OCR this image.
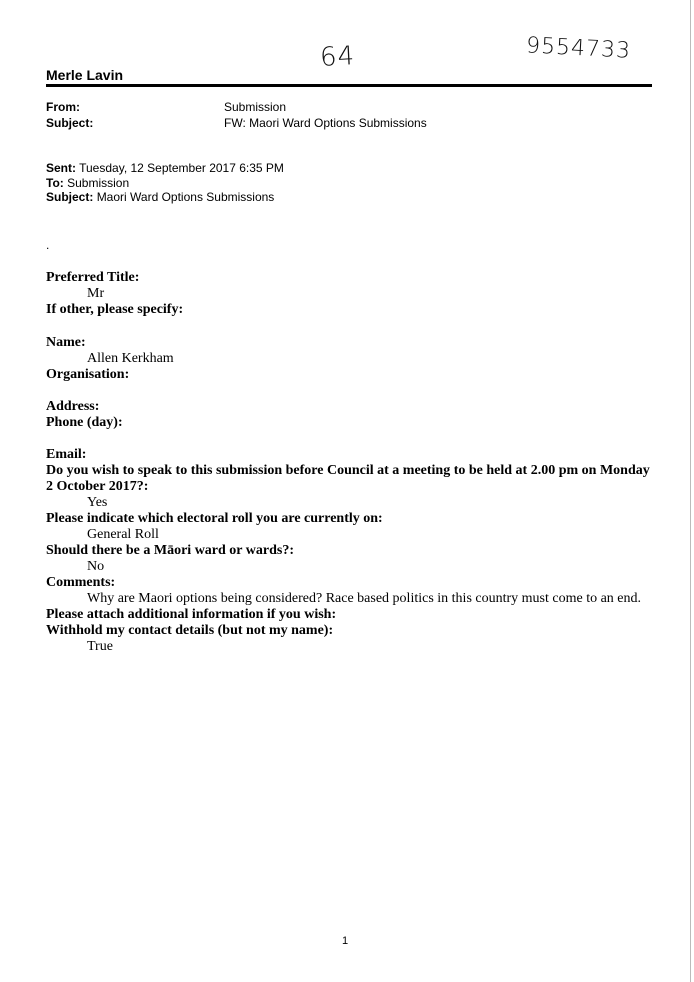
64	9554733
Merle Lavin
From:	Submission
Subject:	FW: Maori Ward Options Submissions
Sent: Tuesday, 12 September 2017 6:35 PM
To: Submission
Subject: Maori Ward Options Submissions
.
Preferred Title:
Mr
If other, please specify:
Name:
Allen Kerkham
Organisation:
Address:
Phone (day):
Email:
Do you wish to speak to this submission before Council at a meeting to be held at 2.00 pm on Monday
2 October 2017?:
Yes
Please indicate which electoral roll you are currently on:
General Roll
Should there be a Māori ward or wards?:
No
Comments:
Why are Maori options being considered? Race based politics in this country must come to an end.
Please attach additional information if you wish:
Withhold my contact details (but not my name):
True
1
